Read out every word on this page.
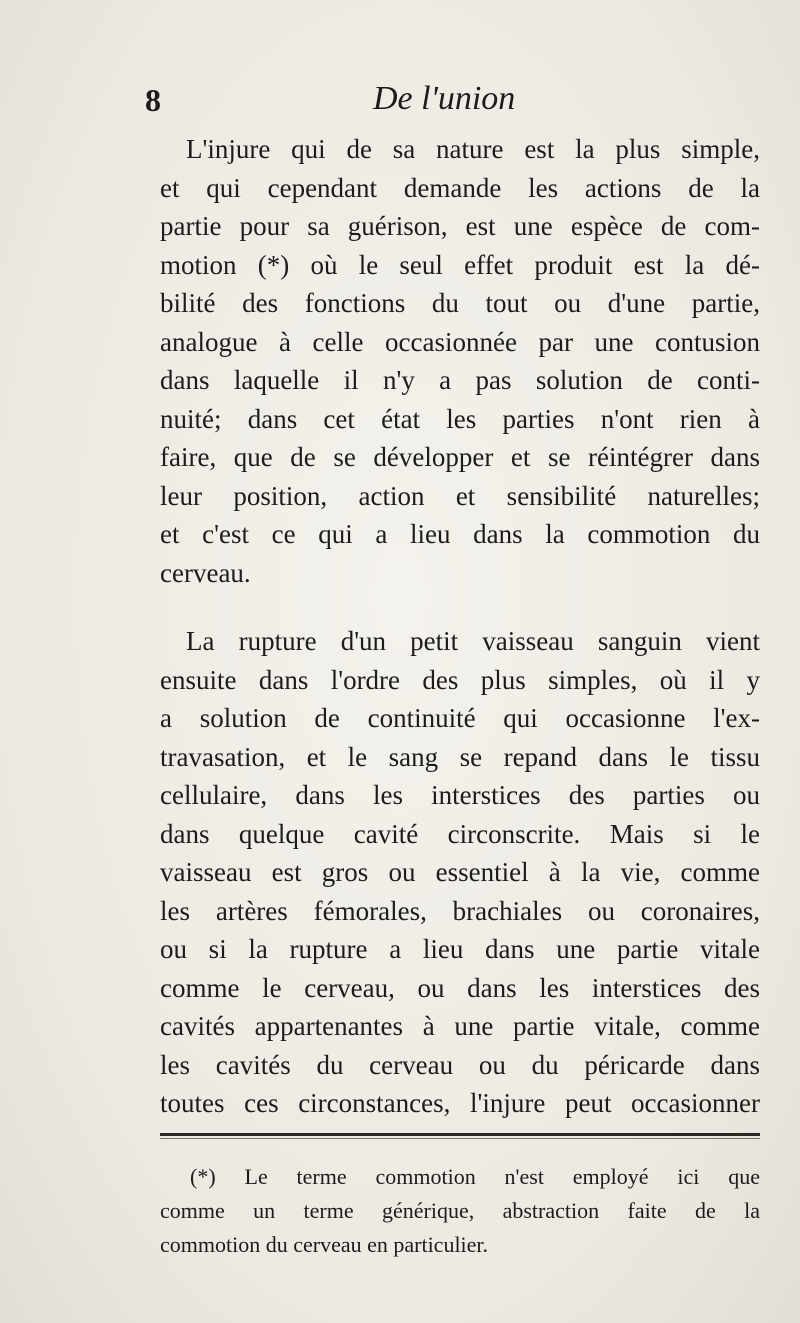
8	De l'union
L'injure qui de sa nature est la plus simple,
et qui cependant demande les actions de la
partie pour sa guérison, est une espèce de com-
motion (*) où le seul effet produit est la dé-
bilité des fonctions du tout ou d'une partie,
analogue à celle occasionnée par une contusion
dans laquelle il n'y a pas solution de conti-
nuité; dans cet état les parties n'ont rien à
faire, que de se développer et se réintégrer dans
leur position, action et sensibilité naturelles;
et c'est ce qui a lieu dans la commotion du
cerveau.
La rupture d'un petit vaisseau sanguin vient
ensuite dans l'ordre des plus simples, où il y
a solution de continuité qui occasionne l'ex-
travasation, et le sang se repand dans le tissu
cellulaire, dans les interstices des parties ou
dans quelque cavité circonscrite. Mais si le
vaisseau est gros ou essentiel à la vie, comme
les artères fémorales, brachiales ou coronaires,
ou si la rupture a lieu dans une partie vitale
comme le cerveau, ou dans les interstices des
cavités appartenantes à une partie vitale, comme
les cavités du cerveau ou du péricarde dans
toutes ces circonstances, l'injure peut occasionner
(*) Le terme commotion n'est employé ici que
comme un terme générique, abstraction faite de la
commotion du cerveau en particulier.
